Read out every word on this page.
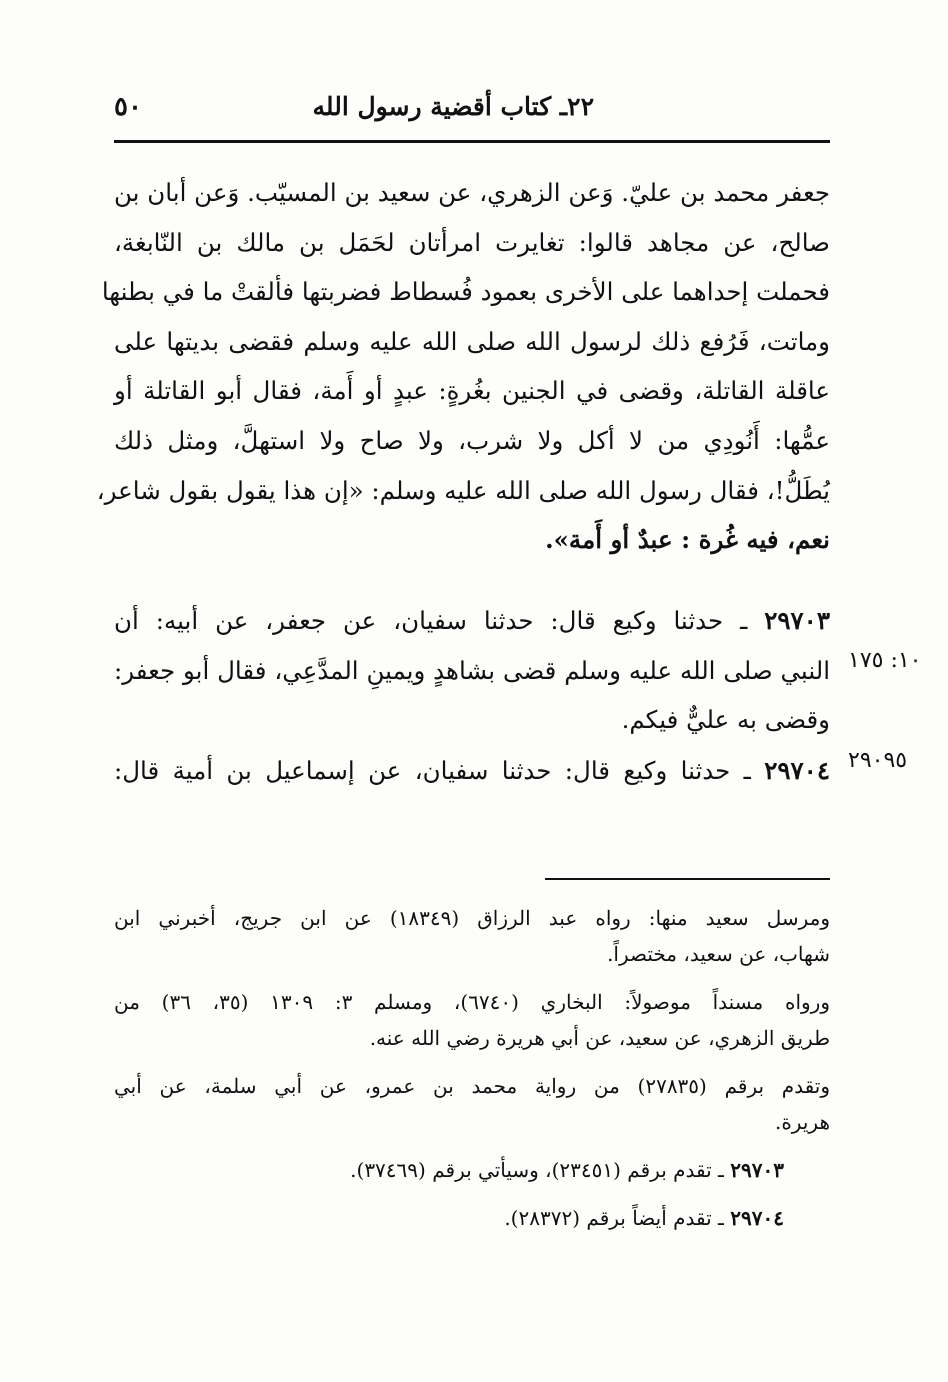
٥٠	٢٢ـ كتاب أقضية رسول الله
جعفر محمد بن عليّ. وَعن الزهري، عن سعيد بن المسيّب. وَعن أبان بن
صالح، عن مجاهد قالوا: تغايرت امرأتان لحَمَل بن مالك بن النّابغة،
فحملت إحداهما على الأخرى بعمود فُسطاط فضربتها فألقتْ ما في بطنها
وماتت، فَرُفع ذلك لرسول الله صلى الله عليه وسلم فقضى بديتها على
عاقلة القاتلة، وقضى في الجنين بغُرةٍ: عبدٍ أو أَمة، فقال أبو القاتلة أو
عمُّها: أَنُودِي من لا أكل ولا شرب، ولا صاح ولا استهلَّ، ومثل ذلك
يُطَلُّ!، فقال رسول الله صلى الله عليه وسلم: «إن هذا يقول بقول شاعر،
نعم، فيه غُرة : عبدٌ أو أَمة».
٢٩٧٠٣ ـ حدثنا وكيع قال: حدثنا سفيان، عن جعفر، عن أبيه: أن
النبي صلى الله عليه وسلم قضى بشاهدٍ ويمينِ المدَّعِي، فقال أبو جعفر:
وقضى به عليٌّ فيكم.
١٠: ١٧٥
٢٩٧٠٤ ـ حدثنا وكيع قال: حدثنا سفيان، عن إسماعيل بن أمية قال:	٢٩٠٩٥
ومرسل سعيد منها: رواه عبد الرزاق (١٨٣٤٩) عن ابن جريج، أخبرني ابن
شهاب، عن سعيد، مختصراً.
ورواه مسنداً موصولاً: البخاري (٦٧٤٠)، ومسلم ٣: ١٣٠٩ (٣٥، ٣٦) من
طريق الزهري، عن سعيد، عن أبي هريرة رضي الله عنه.
وتقدم برقم (٢٧٨٣٥) من رواية محمد بن عمرو، عن أبي سلمة، عن أبي
هريرة.
٢٩٧٠٣ ـ تقدم برقم (٢٣٤٥١)، وسيأتي برقم (٣٧٤٦٩).
٢٩٧٠٤ ـ تقدم أيضاً برقم (٢٨٣٧٢).
